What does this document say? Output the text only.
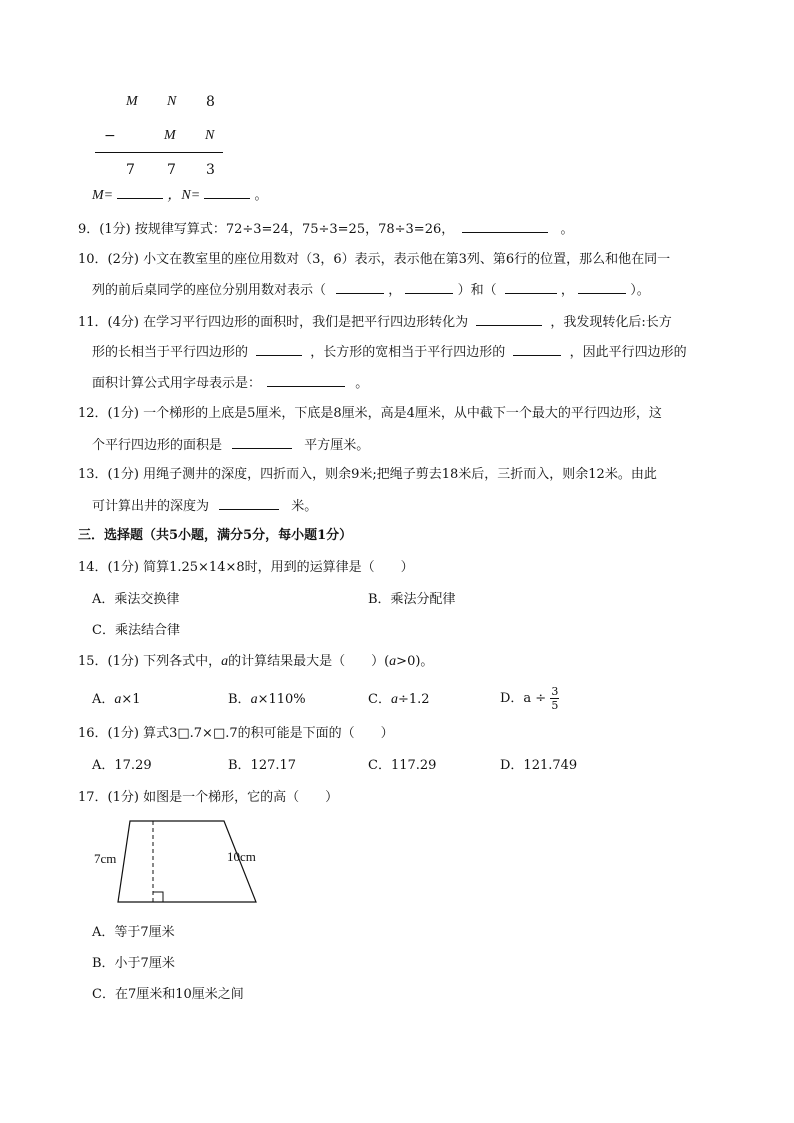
M N 8
−	M N
7 7 3
M=	，N=	。
9．(1分) 按规律写算式：72÷3=24，75÷3=25，78÷3=26，	。
10．(2分) 小文在教室里的座位用数对（3，6）表示，表示他在第3列、第6行的位置，那么和他在同一
列的前后桌同学的座位分别用数对表示（	，	）和（	，	）。
11．(4分) 在学习平行四边形的面积时，我们是把平行四边形转化为	，我发现转化后:长方
形的长相当于平行四边形的	，长方形的宽相当于平行四边形的	，因此平行四边形的
面积计算公式用字母表示是：	。
12．(1分) 一个梯形的上底是5厘米，下底是8厘米，高是4厘米，从中截下一个最大的平行四边形，这
个平行四边形的面积是	平方厘米。
13．(1分) 用绳子测井的深度，四折而入，则余9米;把绳子剪去18米后，三折而入，则余12米。由此
可计算出井的深度为	米。
三．选择题（共5小题，满分5分，每小题1分）
14．(1分) 简算1.25×14×8时，用到的运算律是（　　）
A．乘法交换律	B．乘法分配律
C．乘法结合律
15．(1分) 下列各式中，a的计算结果最大是（　　）(a>0)。
A．a×1	B．a×110%	C．a÷1.2	D．$a \div \frac{3}{5}$
16．(1分) 算式3□.7×□.7的积可能是下面的（　　）
A．17.29	B．127.17	C．117.29	D．121.749
17．(1分) 如图是一个梯形，它的高（　　）
7cm	10cm
A．等于7厘米
B．小于7厘米
C．在7厘米和10厘米之间
